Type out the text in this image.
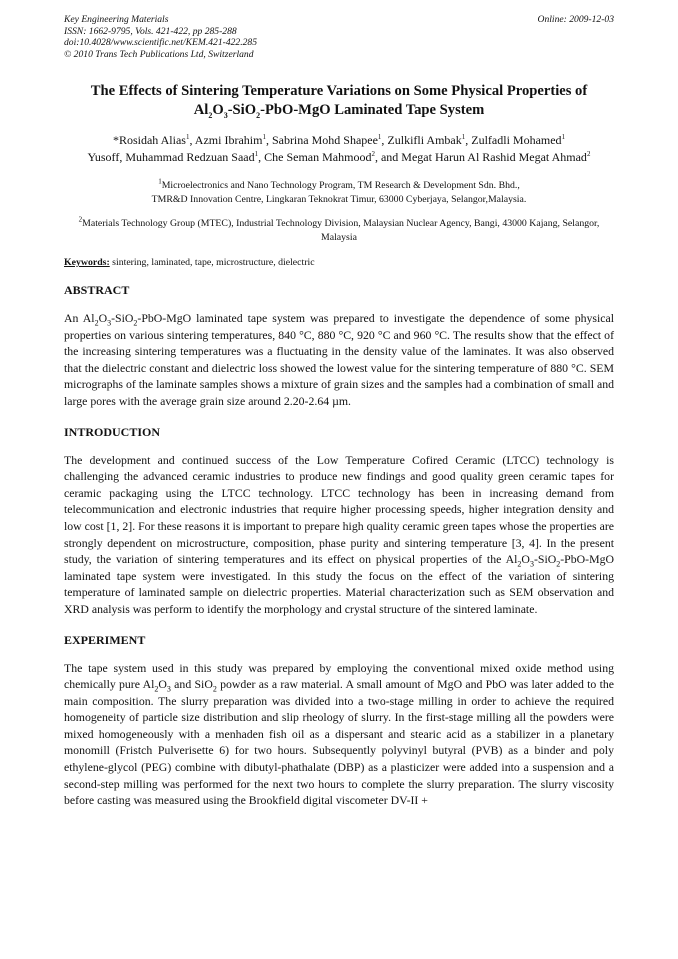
Key Engineering Materials
ISSN: 1662-9795, Vols. 421-422, pp 285-288
doi:10.4028/www.scientific.net/KEM.421-422.285
© 2010 Trans Tech Publications Ltd, Switzerland
Online: 2009-12-03
The Effects of Sintering Temperature Variations on Some Physical Properties of
$Al_2O_3-SiO_2-PbO$-MgO Laminated Tape System
*Rosidah Alias$^1$, Azmi Ibrahim$^1$, Sabrina Mohd Shapee$^1$, Zulkifli Ambak$^1$, Zulfadli Mohamed$^1$
Yusoff, Muhammad Redzuan Saad$^1$, Che Seman Mahmood$^2$, and Megat Harun Al Rashid Megat Ahmad$^2$
$^1$Microelectronics and Nano Technology Program, TM Research & Development Sdn. Bhd.,
TMR&D Innovation Centre, Lingkaran Teknokrat Timur, 63000 Cyberjaya, Selangor,Malaysia.
$^2$Materials Technology Group (MTEC), Industrial Technology Division, Malaysian Nuclear Agency, Bangi, 43000 Kajang, Selangor, Malaysia
Keywords: sintering, laminated, tape, microstructure, dielectric
ABSTRACT

An $Al_2O_3-SiO_2-PbO$-MgO laminated tape system was prepared to investigate the dependence of some physical properties on various sintering temperatures, 840 °C, 880 °C, 920 °C and 960 °C. The results show that the effect of the increasing sintering temperatures was a fluctuating in the density value of the laminates. It was also observed that the dielectric constant and dielectric loss showed the lowest value for the sintering temperature of 880 °C. SEM micrographs of the laminate samples shows a mixture of grain sizes and the samples had a combination of small and large pores with the average grain size around 2.20-2.64 µm.

INTRODUCTION

The development and continued success of the Low Temperature Cofired Ceramic (LTCC) technology is challenging the advanced ceramic industries to produce new findings and good quality green ceramic tapes for ceramic packaging using the LTCC technology. LTCC technology has been in increasing demand from telecommunication and electronic industries that require higher processing speeds, higher integration density and low cost [1, 2]. For these reasons it is important to prepare high quality ceramic green tapes whose the properties are strongly dependent on microstructure, composition, phase purity and sintering temperature [3, 4]. In the present study, the variation of sintering temperatures and its effect on physical properties of the $Al_2O_3-SiO_2-PbO$-MgO laminated tape system were investigated. In this study the focus on the effect of the variation of sintering temperature of laminated sample on dielectric properties. Material characterization such as SEM observation and XRD analysis was perform to identify the morphology and crystal structure of the sintered laminate.

EXPERIMENT

The tape system used in this study was prepared by employing the conventional mixed oxide method using chemically pure $Al_2O_3$ and SiO$_2$ powder as a raw material. A small amount of MgO and PbO was later added to the main composition. The slurry preparation was divided into a two-stage milling in order to achieve the required homogeneity of particle size distribution and slip rheology of slurry. In the first-stage milling all the powders were mixed homogeneously with a menhaden fish oil as a dispersant and stearic acid as a stabilizer in a planetary monomill (Fristch Pulverisette 6) for two hours. Subsequently polyvinyl butyral (PVB) as a binder and poly ethylene-glycol (PEG) combine with dibutyl-phathalate (DBP) as a plasticizer were added into a suspension and a second-step milling was performed for the next two hours to complete the slurry preparation. The slurry viscosity before casting was measured using the Brookfield digital viscometer DV-II +
